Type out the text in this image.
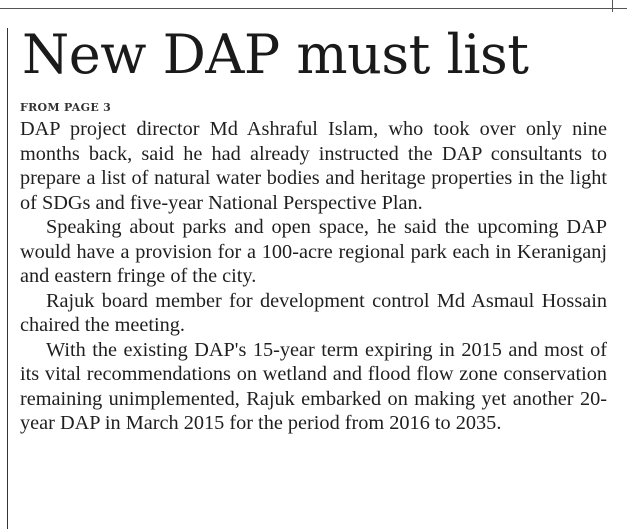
New DAP must list
FROM PAGE 3

DAP project director Md Ashraful Islam, who took over only nine months back, said he had already instructed the DAP consultants to prepare a list of natural water bodies and heritage properties in the light of SDGs and five-year National Perspective Plan.

Speaking about parks and open space, he said the upcoming DAP would have a provision for a 100-acre regional park each in Keraniganj and eastern fringe of the city.

Rajuk board member for development control Md Asmaul Hossain chaired the meeting.

With the existing DAP's 15-year term expiring in 2015 and most of its vital recommendations on wetland and flood flow zone conservation remaining unimplemented, Rajuk embarked on making yet another 20-year DAP in March 2015 for the period from 2016 to 2035.
